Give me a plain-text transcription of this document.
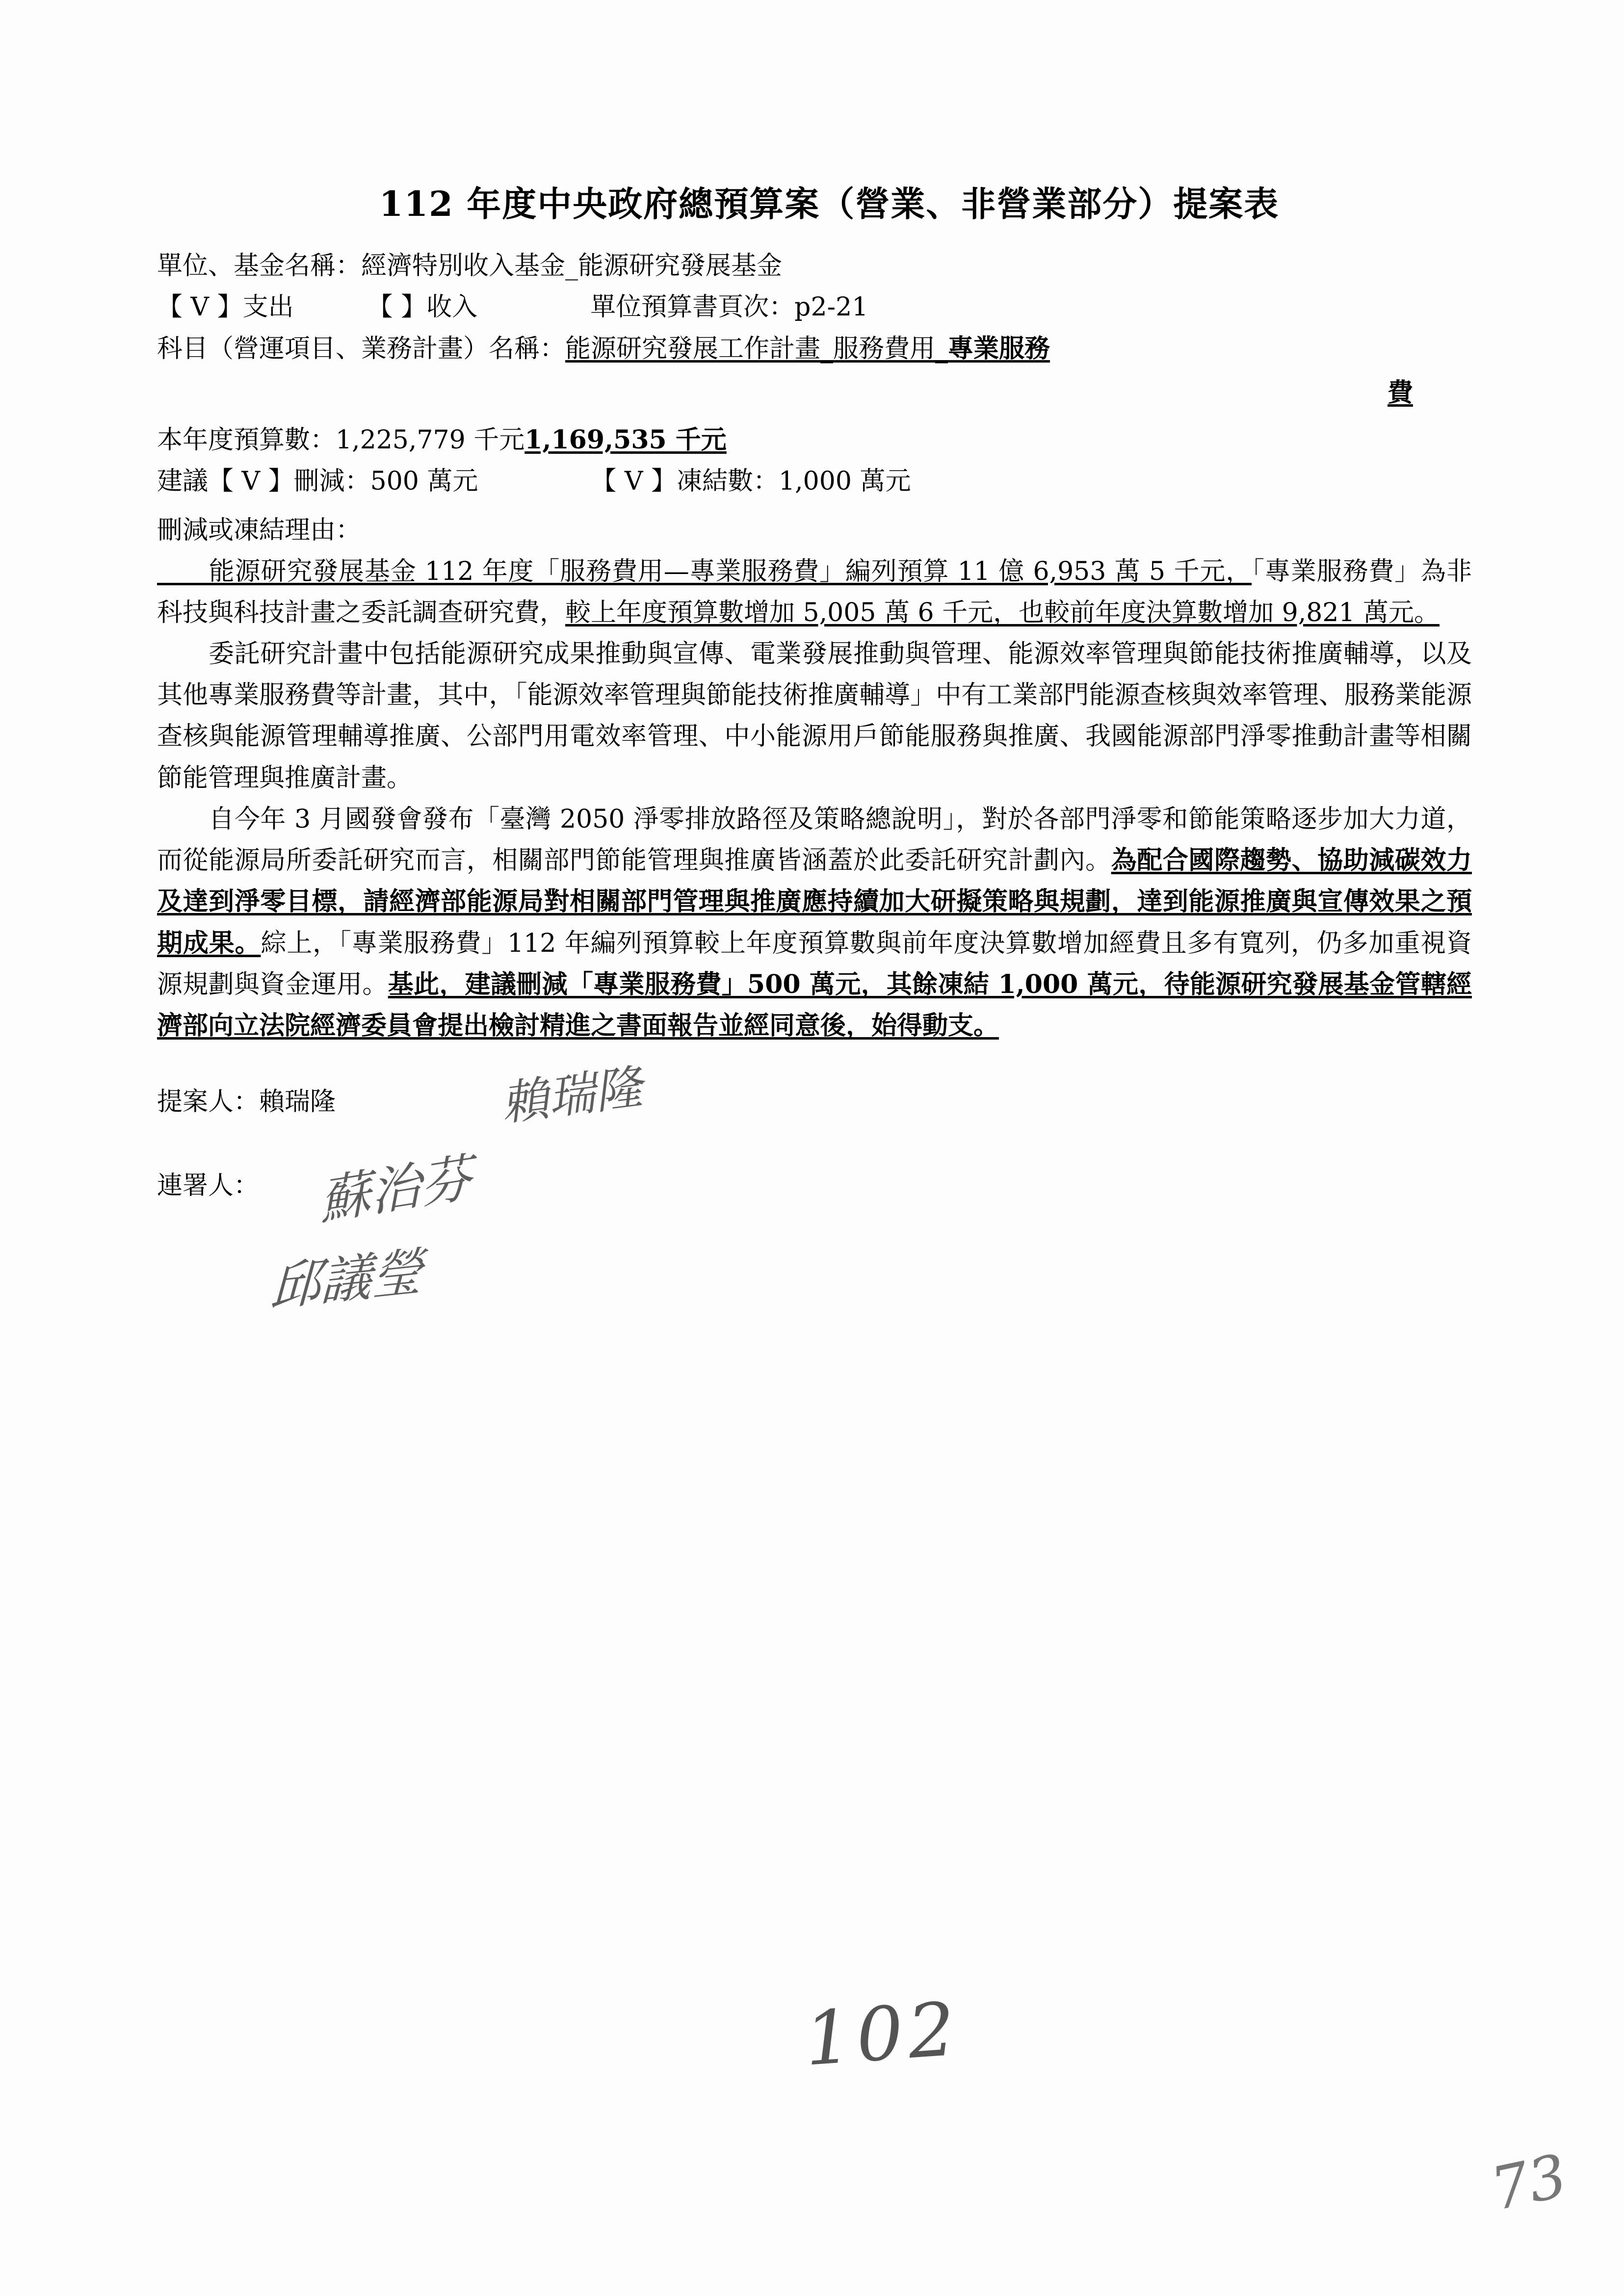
112 年度中央政府總預算案（營業、非營業部分）提案表
單位、基金名稱：經濟特別收入基金_能源研究發展基金
【 V 】支出	【 】收入	單位預算書頁次：p2-21
科目（營運項目、業務計畫）名稱：能源研究發展工作計畫_服務費用_專業服務
費
本年度預算數：1,225,779 千元1,169,535 千元
建議【 V 】刪減：500 萬元	【 V 】凍結數：1,000 萬元
刪減或凍結理由：
　　能源研究發展基金 112 年度「服務費用—專業服務費」編列預算 11 億 6,953 萬 5 千元，「專業服務費」為非科技與科技計畫之委託調查研究費，較上年度預算數增加 5,005 萬 6 千元，也較前年度決算數增加 9,821 萬元。
　　委託研究計畫中包括能源研究成果推動與宣傳、電業發展推動與管理、能源效率管理與節能技術推廣輔導，以及其他專業服務費等計畫，其中，「能源效率管理與節能技術推廣輔導」中有工業部門能源查核與效率管理、服務業能源查核與能源管理輔導推廣、公部門用電效率管理、中小能源用戶節能服務與推廣、我國能源部門淨零推動計畫等相關節能管理與推廣計畫。
　　自今年 3 月國發會發布「臺灣 2050 淨零排放路徑及策略總說明」，對於各部門淨零和節能策略逐步加大力道，而從能源局所委託研究而言，相關部門節能管理與推廣皆涵蓋於此委託研究計劃內。為配合國際趨勢、協助減碳效力及達到淨零目標，請經濟部能源局對相關部門管理與推廣應持續加大研擬策略與規劃，達到能源推廣與宣傳效果之預期成果。綜上，「專業服務費」112 年編列預算較上年度預算數與前年度決算數增加經費且多有寬列，仍多加重視資源規劃與資金運用。基此，建議刪減「專業服務費」500 萬元，其餘凍結 1,000 萬元，待能源研究發展基金管轄經濟部向立法院經濟委員會提出檢討精進之書面報告並經同意後，始得動支。
提案人：賴瑞隆	賴瑞隆
連署人： 蘇治芬
邱議瑩
102
73
